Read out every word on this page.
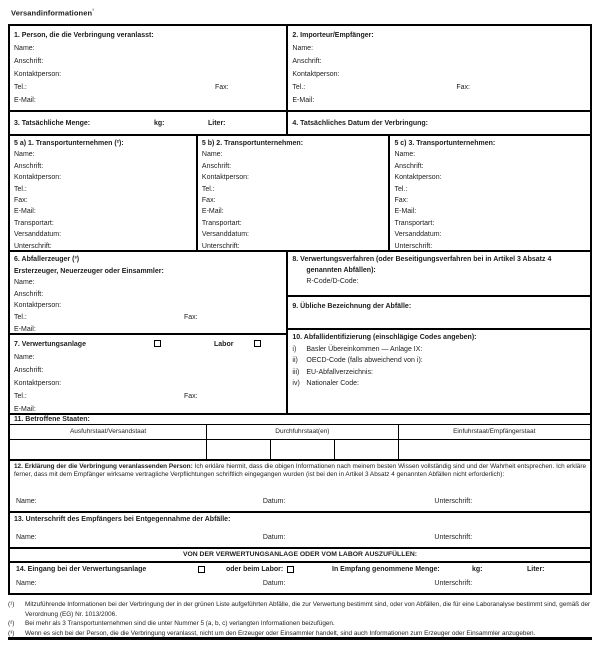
Versandinformationen$^{^1}$
1. Person, die die Verbringung veranlasst:
Name:
Anschrift:
Kontaktperson:
Tel.:	Fax:
E-Mail:
2. Importeur/Empfänger:
Name:
Anschrift:
Kontaktperson:
Tel.:	Fax:
E-Mail:
3. Tatsächliche Menge:	kg:	Liter:	4. Tatsächliches Datum der Verbringung:
5 a) 1. Transportunternehmen (²):
Name:
Anschrift:
Kontaktperson:
Tel.:
Fax:
E-Mail:
Transportart:
Versanddatum:
Unterschrift:
5 b) 2. Transportunternehmen:
Name:
Anschrift:
Kontaktperson:
Tel.:
Fax:
E-Mail:
Transportart:
Versanddatum:
Unterschrift:
5 c) 3. Transportunternehmen:
Name:
Anschrift:
Kontaktperson:
Tel.:
Fax:
E-Mail:
Transportart:
Versanddatum:
Unterschrift:
6. Abfallerzeuger (³)
Ersterzeuger, Neuerzeuger oder Einsammler:
Name:
Anschrift:
Kontaktperson:
Tel.:	Fax:
E-Mail:
7. Verwertungsanlage	Labor
Name:
Anschrift:
Kontaktperson:
Tel.:	Fax:
E-Mail:
8. Verwertungsverfahren (oder Beseitigungsverfahren bei in Artikel 3 Absatz 4 genannten Abfällen):
R-Code/D-Code:
9. Übliche Bezeichnung der Abfälle:
10. Abfallidentifizierung (einschlägige Codes angeben):
i) Basler Übereinkommen — Anlage IX:
ii) OECD-Code (falls abweichend von i):
iii) EU-Abfallverzeichnis:
iv) Nationaler Code:
11. Betroffene Staaten:
Ausfuhrstaat/Versandstaat	Durchfuhrstaat(en)	Einfuhrstaat/Empfängerstaat
12. Erklärung der die Verbringung veranlassenden Person: Ich erkläre hiermit, dass die obigen Informationen nach meinem besten Wissen vollständig sind und der Wahrheit entsprechen. Ich erkläre ferner, dass mit dem Empfänger wirksame vertragliche Verpflichtungen schriftlich eingegangen wurden (ist bei den in Artikel 3 Absatz 4 genannten Abfällen nicht erforderlich):
Name:	Datum:	Unterschrift:
13. Unterschrift des Empfängers bei Entgegennahme der Abfälle:
Name:	Datum:	Unterschrift:
VON DER VERWERTUNGSANLAGE ODER VOM LABOR AUSZUFÜLLEN:
14. Eingang bei der Verwertungsanlage	oder beim Labor:	In Empfang genommene Menge:	kg:	Liter:
Name:	Datum:	Unterschrift:
(¹)	Mitzuführende Informationen bei der Verbringung der in der grünen Liste aufgeführten Abfälle, die zur Verwertung bestimmt sind, oder von Abfällen, die für eine Laboranalyse bestimmt sind, gemäß der Verordnung (EG) Nr. 1013/2006.
(²)	Bei mehr als 3 Transportunternehmen sind die unter Nummer 5 (a, b, c) verlangten Informationen beizufügen.
(³)	Wenn es sich bei der Person, die die Verbringung veranlasst, nicht um den Erzeuger oder Einsammler handelt, sind auch Informationen zum Erzeuger oder Einsammler anzugeben.
